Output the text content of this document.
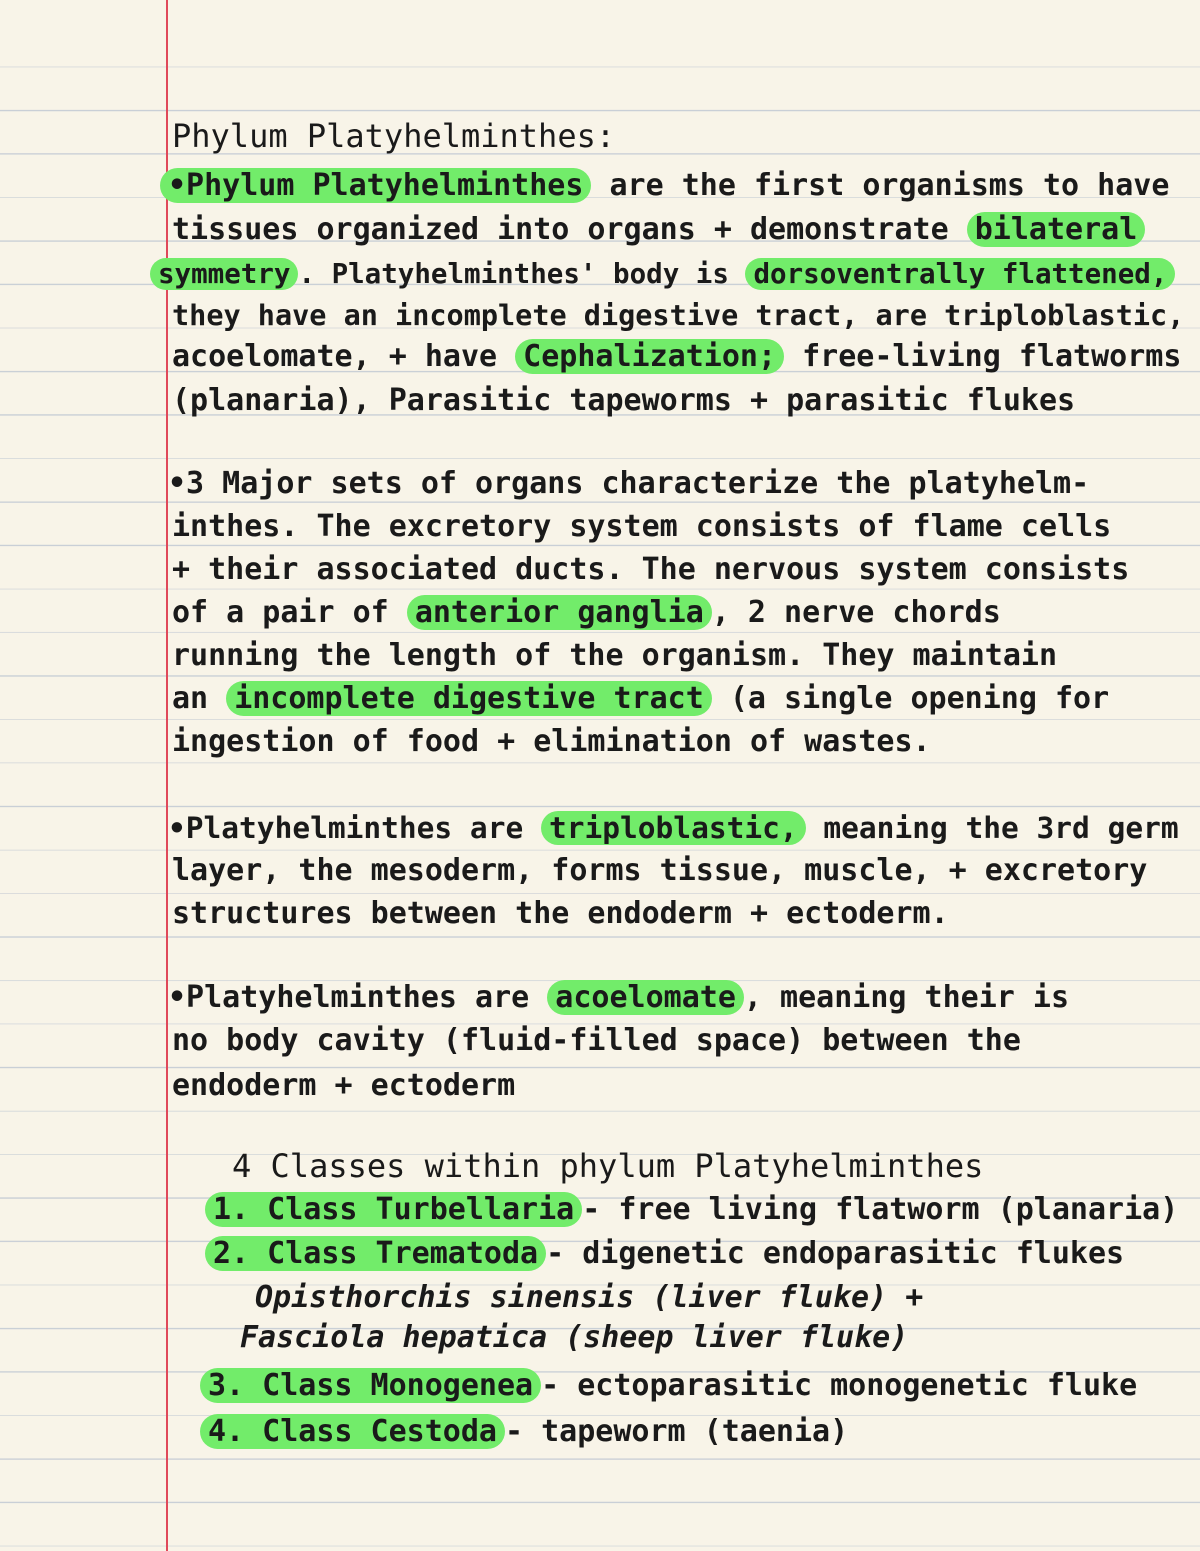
Phylum Platyhelminthes:
•Phylum Platyhelminthes are the first organisms to have
tissues organized into organs + demonstrate bilateral
symmetry . Platyhelminthes' body is dorsoventrally flattened,
they have an incomplete digestive tract, are triploblastic,
acoelomate, + have Cephalization; free-living flatworms
(planaria), Parasitic tapeworms + parasitic flukes
•3 Major sets of organs characterize the platyhelm-
inthes. The excretory system consists of flame cells
+ their associated ducts. The nervous system consists
of a pair of anterior ganglia , 2 nerve chords
running the length of the organism. They maintain
an incomplete digestive tract (a single opening for
ingestion of food + elimination of wastes.
•Platyhelminthes are triploblastic, meaning the 3rd germ
layer, the mesoderm, forms tissue, muscle, + excretory
structures between the endoderm + ectoderm.
•Platyhelminthes are acoelomate , meaning their is
no body cavity (fluid-filled space) between the
endoderm + ectoderm
4 Classes within phylum Platyhelminthes
1. Class Turbellaria - free living flatworm (planaria)
2. Class Trematoda - digenetic endoparasitic flukes
Opisthorchis sinensis (liver fluke) +
Fasciola hepatica (sheep liver fluke)
3. Class Monogenea - ectoparasitic monogenetic fluke
4. Class Cestoda - tapeworm (taenia)
